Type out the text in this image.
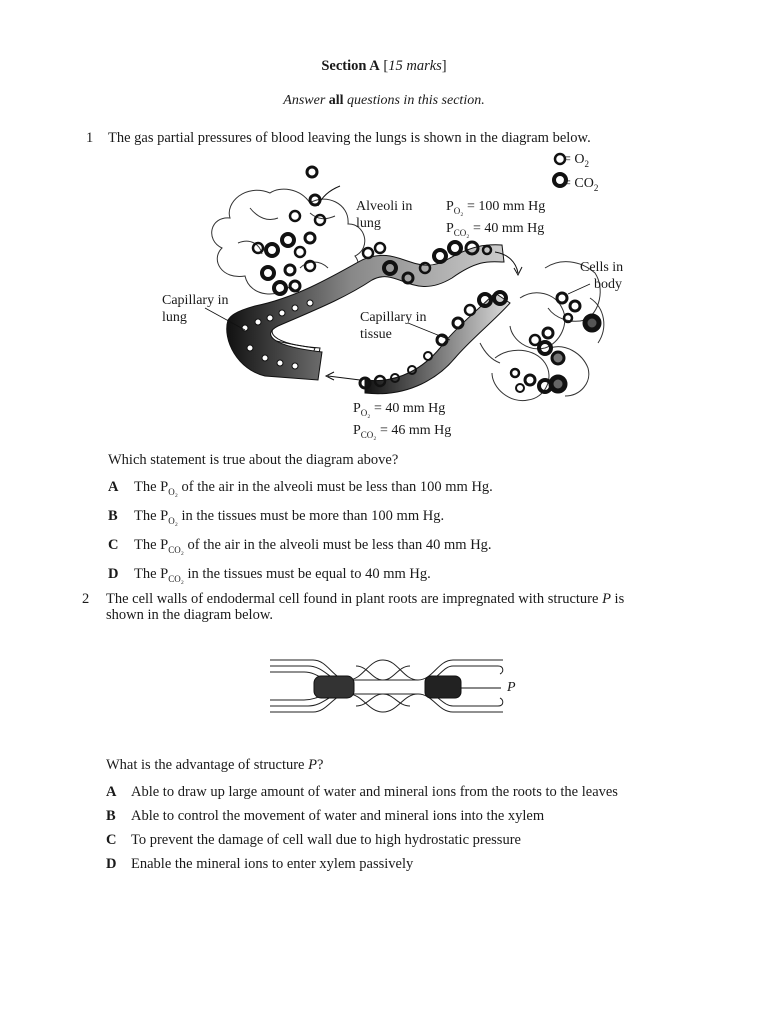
Section A [15 marks]
Answer all questions in this section.
1 The gas partial pressures of blood leaving the lungs is shown in the diagram below.
= $O_2$
= $CO_2$
Alveoli in
lung
$P_{O_2} = 100$ mm Hg
$P_{CO_2} = 40$ mm Hg
Cells in
body
Capillary in
lung	Capillary in
tissue
$P_{O_2} = 40$ mm Hg
$P_{CO_2} = 46$ mm Hg
Which statement is true about the diagram above?
A The $P_{O_2}$ of the air in the alveoli must be less than 100 mm Hg.
B The $P_{O_2}$ in the tissues must be more than 100 mm Hg.
C The $P_{CO_2}$ of the air in the alveoli must be less than 40 mm Hg.
D The $P_{CO_2}$ in the tissues must be equal to 40 mm Hg.
2 The cell walls of endodermal cell found in plant roots are impregnated with structure P is
shown in the diagram below.
P
What is the advantage of structure P?
A Able to draw up large amount of water and mineral ions from the roots to the leaves
B Able to control the movement of water and mineral ions into the xylem
C To prevent the damage of cell wall due to high hydrostatic pressure
D Enable the mineral ions to enter xylem passively
